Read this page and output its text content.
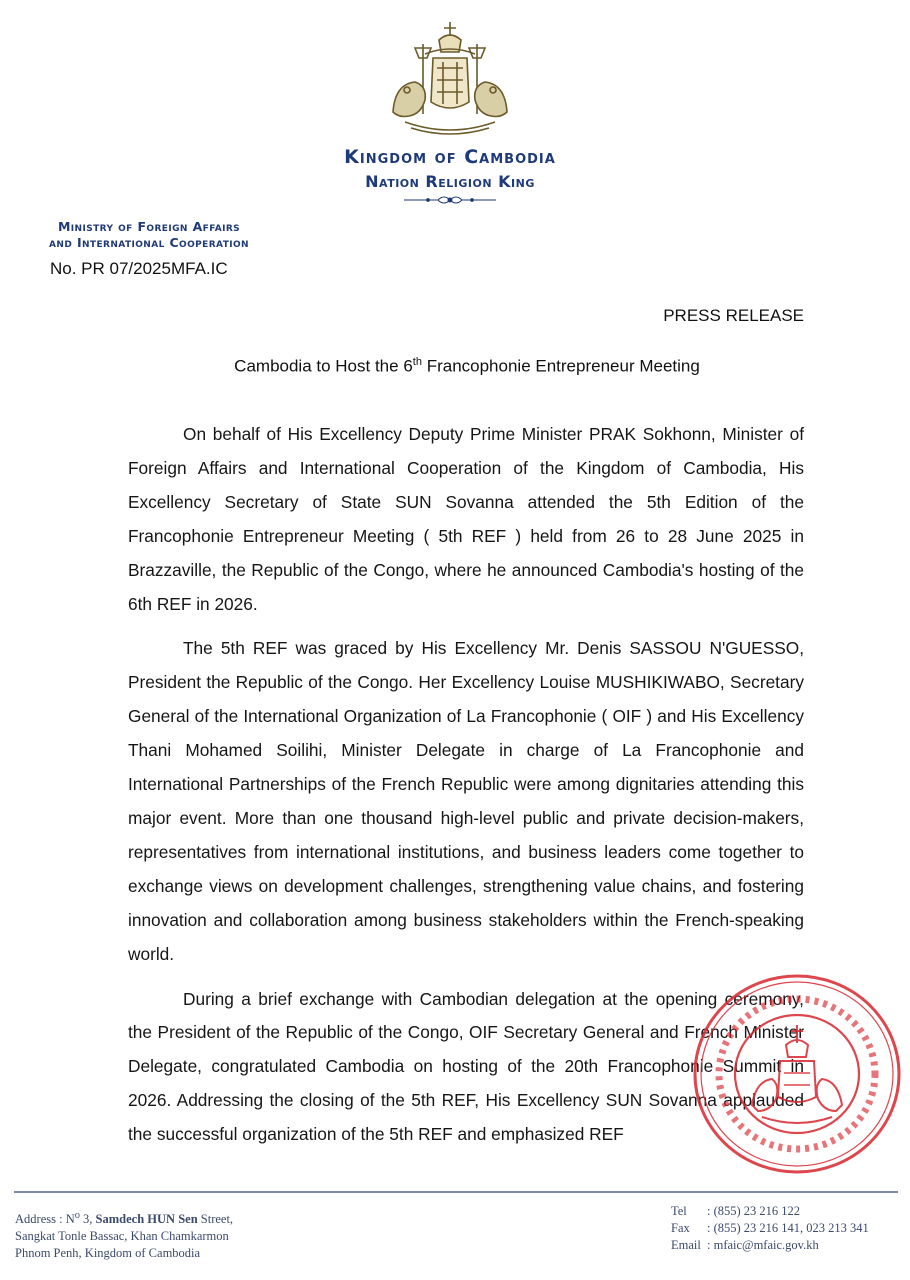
Kingdom of Cambodia
Nation Religion King
Ministry of Foreign Affairs
and International Cooperation
No. PR 07/2025MFA.IC
PRESS RELEASE
Cambodia to Host the 6th Francophonie Entrepreneur Meeting

On behalf of His Excellency Deputy Prime Minister PRAK Sokhonn, Minister of Foreign Affairs and International Cooperation of the Kingdom of Cambodia, His Excellency Secretary of State SUN Sovanna attended the 5th Edition of the Francophonie Entrepreneur Meeting ( 5th REF ) held from 26 to 28 June 2025 in Brazzaville, the Republic of the Congo, where he announced Cambodia's hosting of the 6th REF in 2026.

The 5th REF was graced by His Excellency Mr. Denis SASSOU N'GUESSO, President the Republic of the Congo. Her Excellency Louise MUSHIKIWABO, Secretary General of the International Organization of La Francophonie ( OIF ) and His Excellency Thani Mohamed Soilihi, Minister Delegate in charge of La Francophonie and International Partnerships of the French Republic were among dignitaries attending this major event. More than one thousand high-level public and private decision-makers, representatives from international institutions, and business leaders come together to exchange views on development challenges, strengthening value chains, and fostering innovation and collaboration among business stakeholders within the French-speaking world.

During a brief exchange with Cambodian delegation at the opening ceremony, the President of the Republic of the Congo, OIF Secretary General and French Minister Delegate, congratulated Cambodia on hosting of the 20th Francophonie Summit in 2026. Addressing the closing of the 5th REF, His Excellency SUN Sovanna applauded the successful organization of the 5th REF and emphasized REF

Address : $N^o$ 3, Samdech HUN Sen Street,
Sangkat Tonle Bassac, Khan Chamkarmon
Phnom Penh, Kingdom of Cambodia
Tel : (855) 23 216 122
Fax : (855) 23 216 141, 023 213 341
Email : mfaic@mfaic.gov.kh
